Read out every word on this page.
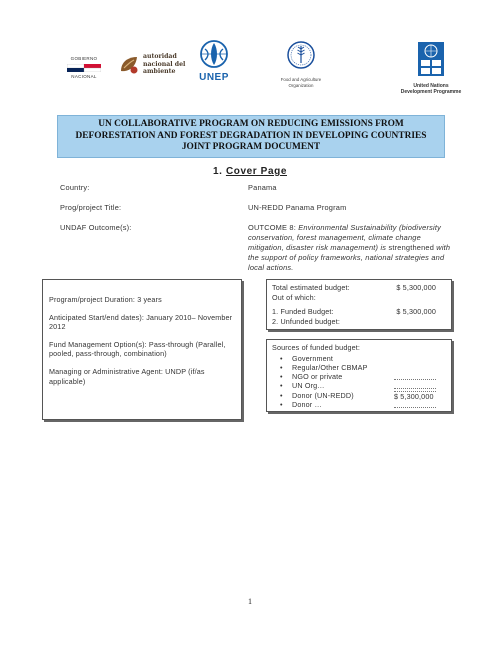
GOBIERNO
NACIONAL
autoridad
nacional del
ambiente
UNEP	Food and Agriculture
Organization	United Nations
Development Programme
UN COLLABORATIVE PROGRAM ON REDUCING EMISSIONS FROM
DEFORESTATION AND FOREST DEGRADATION IN DEVELOPING COUNTRIES
JOINT PROGRAM DOCUMENT
1. Cover Page
Country:	Panama
Prog/project Title:	UN-REDD Panama Program
UNDAF Outcome(s):	OUTCOME 8: Environmental Sustainability (biodiversity conservation, forest management, climate change mitigation, disaster risk management) is strengthened with the support of policy frameworks, national strategies and local actions.

Program/project Duration: 3 years

Anticipated Start/end dates): January 2010– November 2012

Fund Management Option(s): Pass-through (Parallel, pooled, pass-through, combination)

Managing or Administrative Agent: UNDP (if/as applicable)

Total estimated budget:	$ 5,300,000
Out of which:
1. Funded Budget:	$ 5,300,000
2. Unfunded budget:
Sources of funded budget:
• Government
• Regular/Other CBMAP
• NGO or private
• UN Org…
• Donor (UN-REDD)	$ 5,300,000
• Donor …
1
